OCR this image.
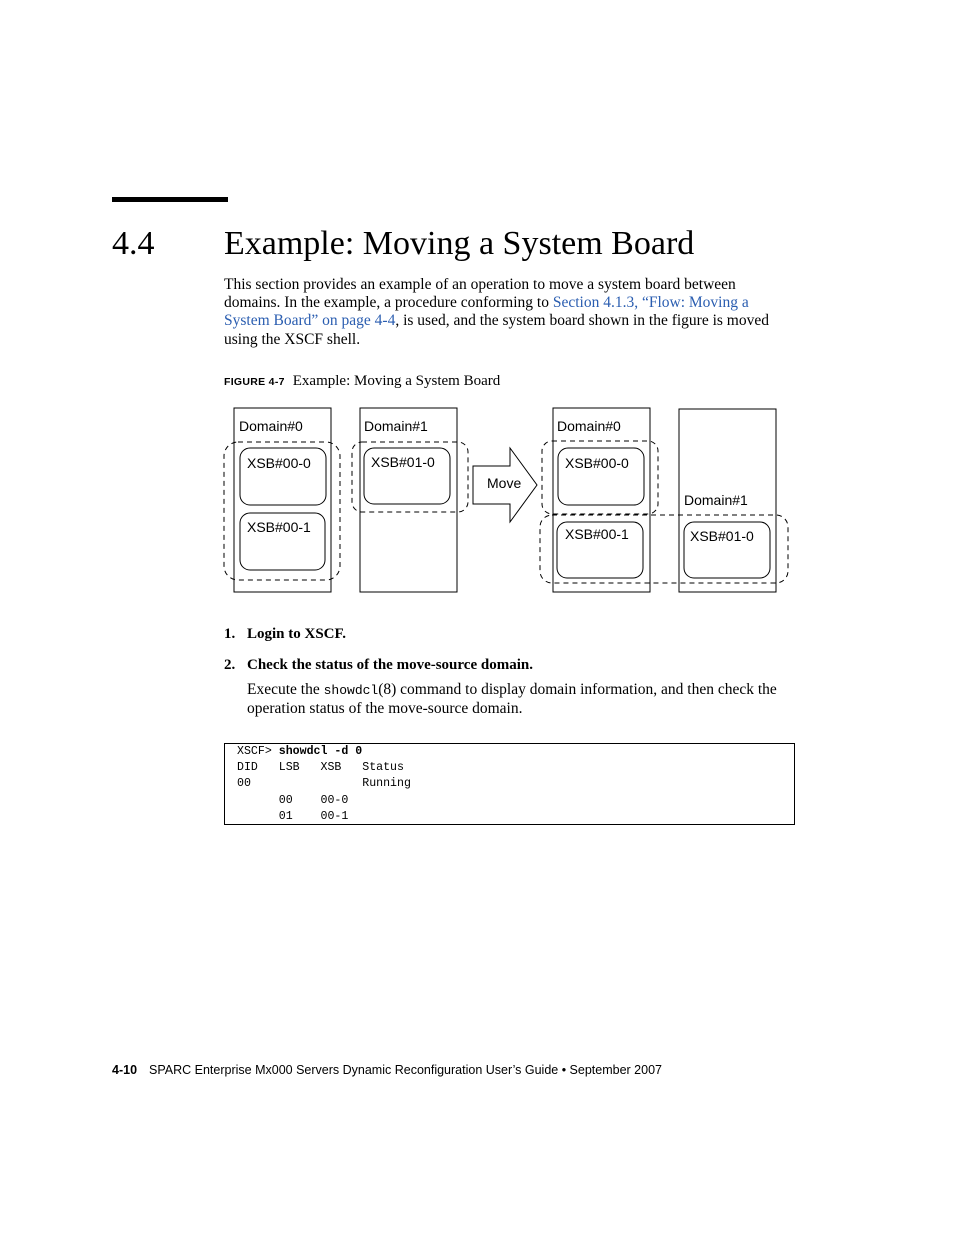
4.4 Example: Moving a System Board
This section provides an example of an operation to move a system board between domains. In the example, a procedure conforming to Section 4.1.3, “Flow: Moving a System Board” on page 4-4, is used, and the system board shown in the figure is moved using the XSCF shell.
FIGURE 4-7 Example: Moving a System Board
Domain#0
XSB#00-0
XSB#00-1
Domain#1
XSB#01-0
Move
Domain#0
XSB#00-0
Domain#1
XSB#00-1	XSB#01-0
1. Login to XSCF.
2. Check the status of the move-source domain.
Execute the showdcl(8) command to display domain information, and then check the operation status of the move-source domain.
XSCF> showdcl -d 0
DID   LSB   XSB   Status
00                Running
00    00-0
01    00-1
4-10 SPARC Enterprise Mx000 Servers Dynamic Reconfiguration User’s Guide • September 2007
